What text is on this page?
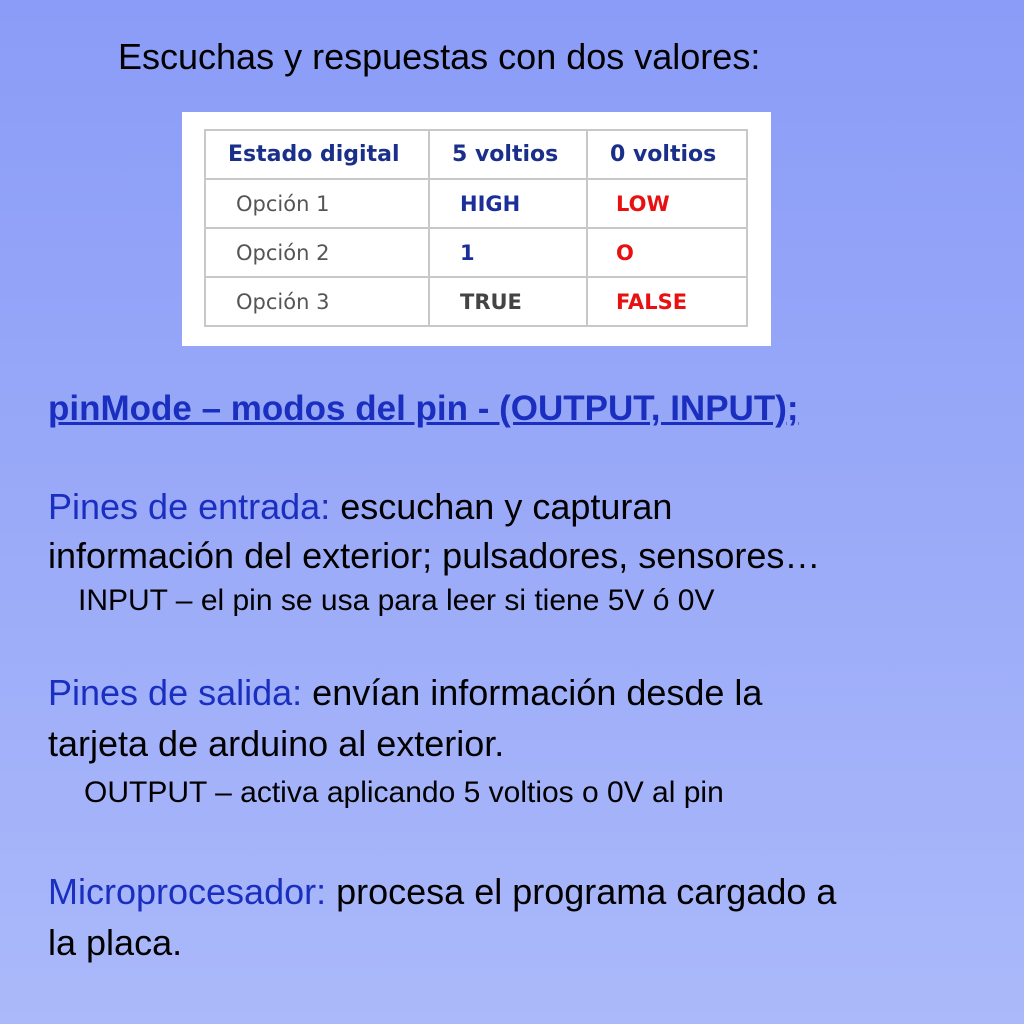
Escuchas y respuestas con dos valores:
Estado digital	5 voltios	0 voltios
Opción 1	HIGH	LOW
Opción 2	1	O
Opción 3	TRUE	FALSE
pinMode – modos del pin - (OUTPUT, INPUT);
Pines de entrada: escuchan y capturan
información del exterior; pulsadores, sensores…
INPUT – el pin se usa para leer si tiene 5V ó 0V
Pines de salida: envían información desde la
tarjeta de arduino al exterior.
OUTPUT – activa aplicando 5 voltios o 0V al pin
Microprocesador: procesa el programa cargado a
la placa.
